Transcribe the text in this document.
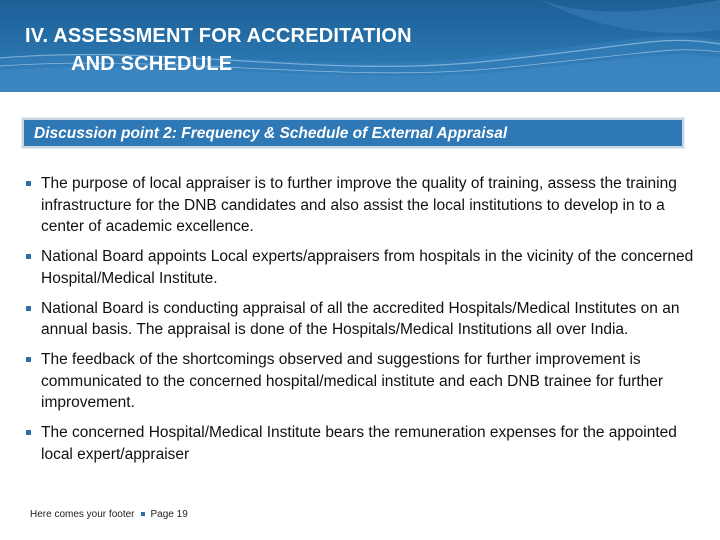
IV. ASSESSMENT FOR ACCREDITATION
AND SCHEDULE
Discussion point 2: Frequency & Schedule of External Appraisal
The purpose of local appraiser is to further improve the quality of training, assess the training infrastructure for the DNB candidates and also assist the local institutions to develop in to a center of academic excellence.
National Board appoints Local experts/appraisers from hospitals in the vicinity of the concerned Hospital/Medical Institute.
National Board is conducting appraisal of all the accredited Hospitals/Medical Institutes on an annual basis. The appraisal is done of the Hospitals/Medical Institutions all over India.
The feedback of the shortcomings observed and suggestions for further improvement is communicated to the concerned hospital/medical institute and each DNB trainee for further improvement.
The concerned Hospital/Medical Institute bears the remuneration expenses for the appointed local expert/appraiser
Here comes your footer Page 19
